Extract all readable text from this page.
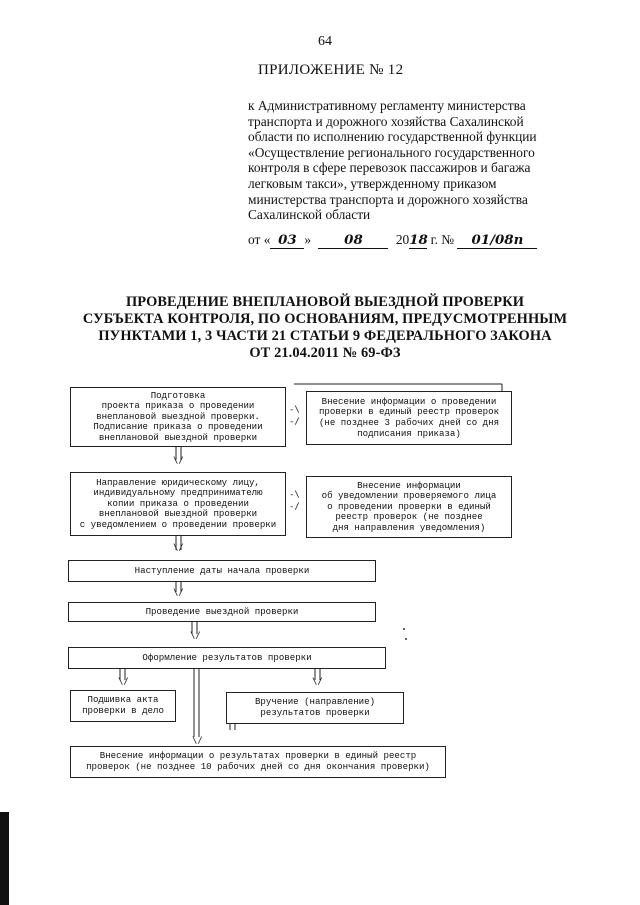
64
ПРИЛОЖЕНИЕ № 12
к Административному регламенту министерства
транспорта и дорожного хозяйства Сахалинской
области по исполнению государственной функции
«Осуществление регионального государственного
контроля в сфере перевозок пассажиров и багажа
легковым такси», утвержденному приказом
министерства транспорта и дорожного хозяйства
Сахалинской области
от « 03 » 08 2018 г. № 01/08п
ПРОВЕДЕНИЕ ВНЕПЛАНОВОЙ ВЫЕЗДНОЙ ПРОВЕРКИ
СУБЪЕКТА КОНТРОЛЯ, ПО ОСНОВАНИЯМ, ПРЕДУСМОТРЕННЫМ
ПУНКТАМИ 1, 3 ЧАСТИ 21 СТАТЬИ 9 ФЕДЕРАЛЬНОГО ЗАКОНА
ОТ 21.04.2011 № 69-ФЗ
Подготовка
проекта приказа о проведении
внеплановой выездной проверки.
Подписание приказа о проведении
внеплановой выездной проверки
-\
-/
Внесение информации о проведении
проверки в единый реестр проверок
(не позднее 3 рабочих дней со дня
подписания приказа)
\/
Направление юридическому лицу,
индивидуальному предпринимателю
копии приказа о проведении
внеплановой выездной проверки
с уведомлением о проведении проверки
-\
-/
Внесение информации
об уведомлении проверяемого лица
о проведении проверки в единый
реестр проверок (не позднее
дня направления уведомления)
\/
Наступление даты начала проверки
\/
Проведение выездной проверки
\/
Оформление результатов проверки
\/	\/
Подшивка акта
проверки в дело
Вручение (направление)
результатов проверки
\/
Внесение информации о результатах проверки в единый реестр
проверок (не позднее 10 рабочих дней со дня окончания проверки)
